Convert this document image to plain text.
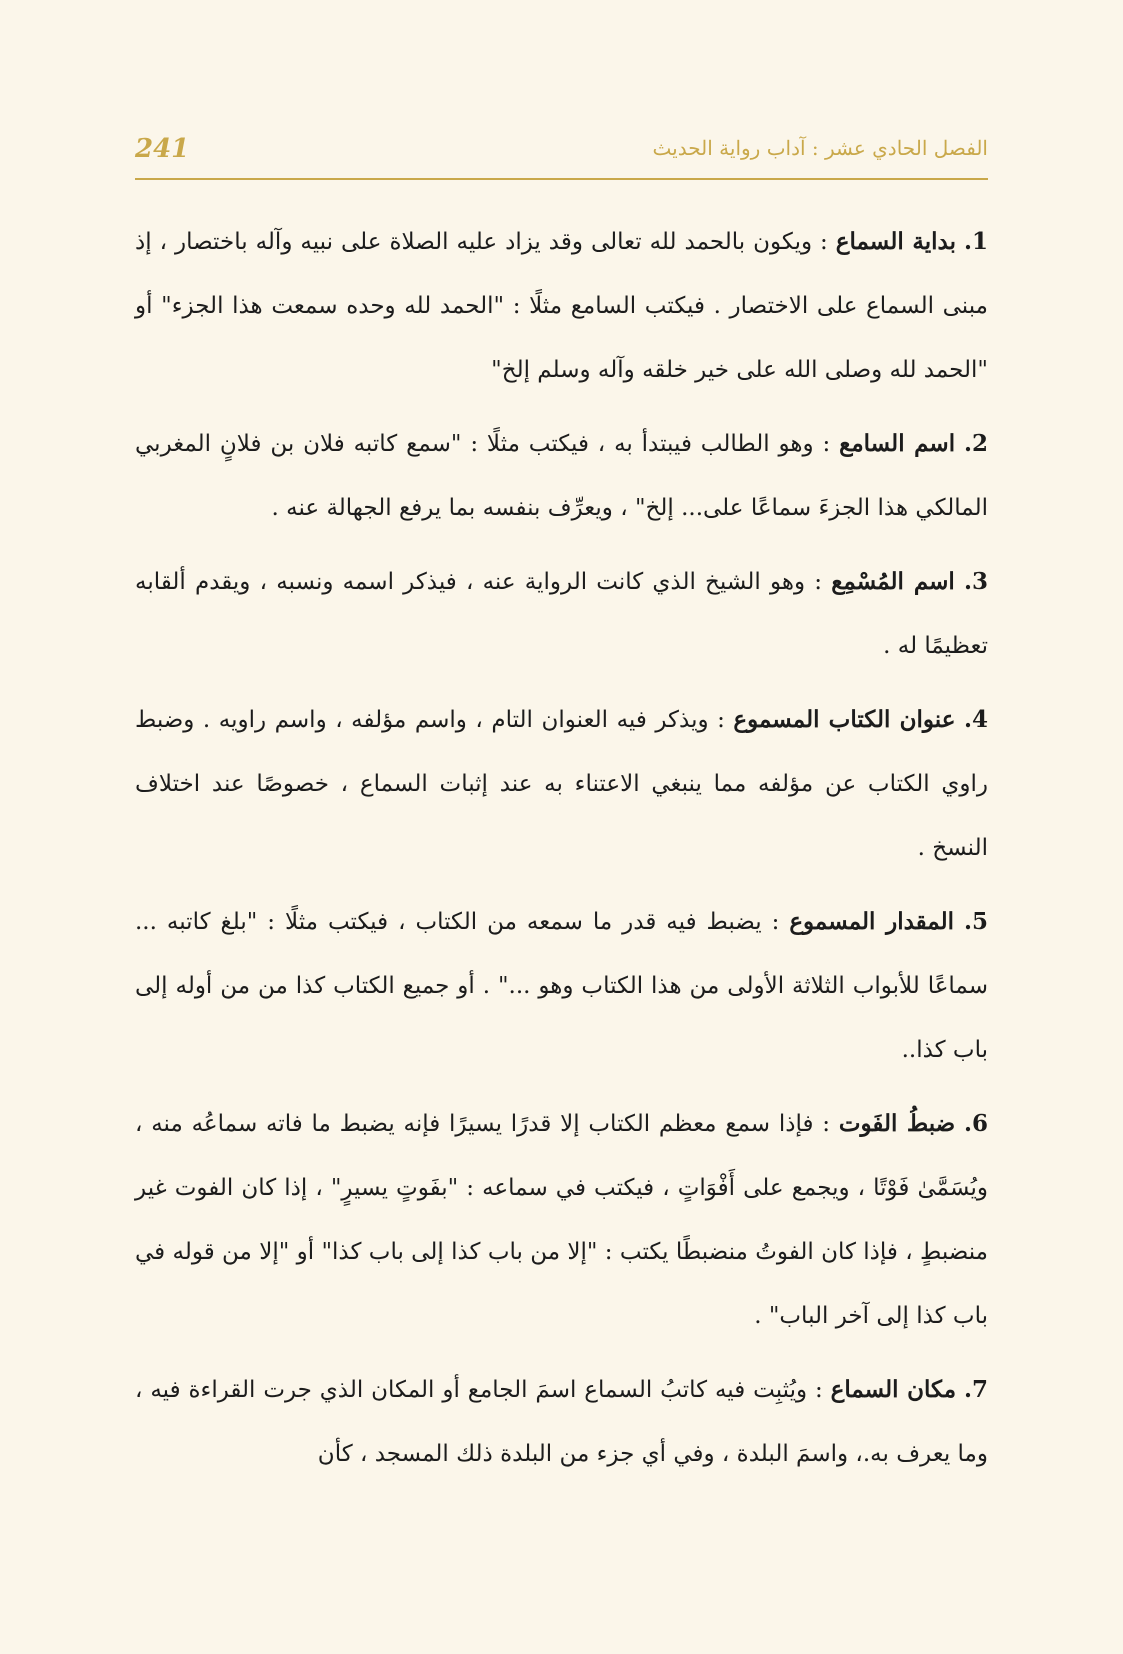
الفصل الحادي عشر : آداب رواية الحديث
241

1. بداية السماع : ويكون بالحمد لله تعالى وقد يزاد عليه الصلاة على نبيه وآله باختصار ، إذ مبنى السماع على الاختصار . فيكتب السامع مثلًا : "الحمد لله وحده سمعت هذا الجزء" أو "الحمد لله وصلى الله على خير خلقه وآله وسلم إلخ"

2. اسم السامع : وهو الطالب فيبتدأ به ، فيكتب مثلًا : "سمع كاتبه فلان بن فلانٍ المغربي المالكي هذا الجزءَ سماعًا على... إلخ" ، ويعرِّف بنفسه بما يرفع الجهالة عنه .

3. اسم المُسْمِع : وهو الشيخ الذي كانت الرواية عنه ، فيذكر اسمه ونسبه ، ويقدم ألقابه تعظيمًا له .

4. عنوان الكتاب المسموع : ويذكر فيه العنوان التام ، واسم مؤلفه ، واسم راويه . وضبط راوي الكتاب عن مؤلفه مما ينبغي الاعتناء به عند إثبات السماع ، خصوصًا عند اختلاف النسخ .

5. المقدار المسموع : يضبط فيه قدر ما سمعه من الكتاب ، فيكتب مثلًا : "بلغ كاتبه ... سماعًا للأبواب الثلاثة الأولى من هذا الكتاب وهو ..." . أو جميع الكتاب كذا من من أوله إلى باب كذا..

6. ضبطُ الفَوت : فإذا سمع معظم الكتاب إلا قدرًا يسيرًا فإنه يضبط ما فاته سماعُه منه ، ويُسَمَّىٰ فَوْتًا ، ويجمع على أَفْوَاتٍ ، فيكتب في سماعه : "بفَوتٍ يسيرٍ" ، إذا كان الفوت غير منضبطٍ ، فإذا كان الفوتُ منضبطًا يكتب : "إلا من باب كذا إلى باب كذا" أو "إلا من قوله في باب كذا إلى آخر الباب" .

7. مكان السماع : ويُثبِت فيه كاتبُ السماع اسمَ الجامع أو المكان الذي جرت القراءة فيه ، وما يعرف به.، واسمَ البلدة ، وفي أي جزء من البلدة ذلك المسجد ، كأن
